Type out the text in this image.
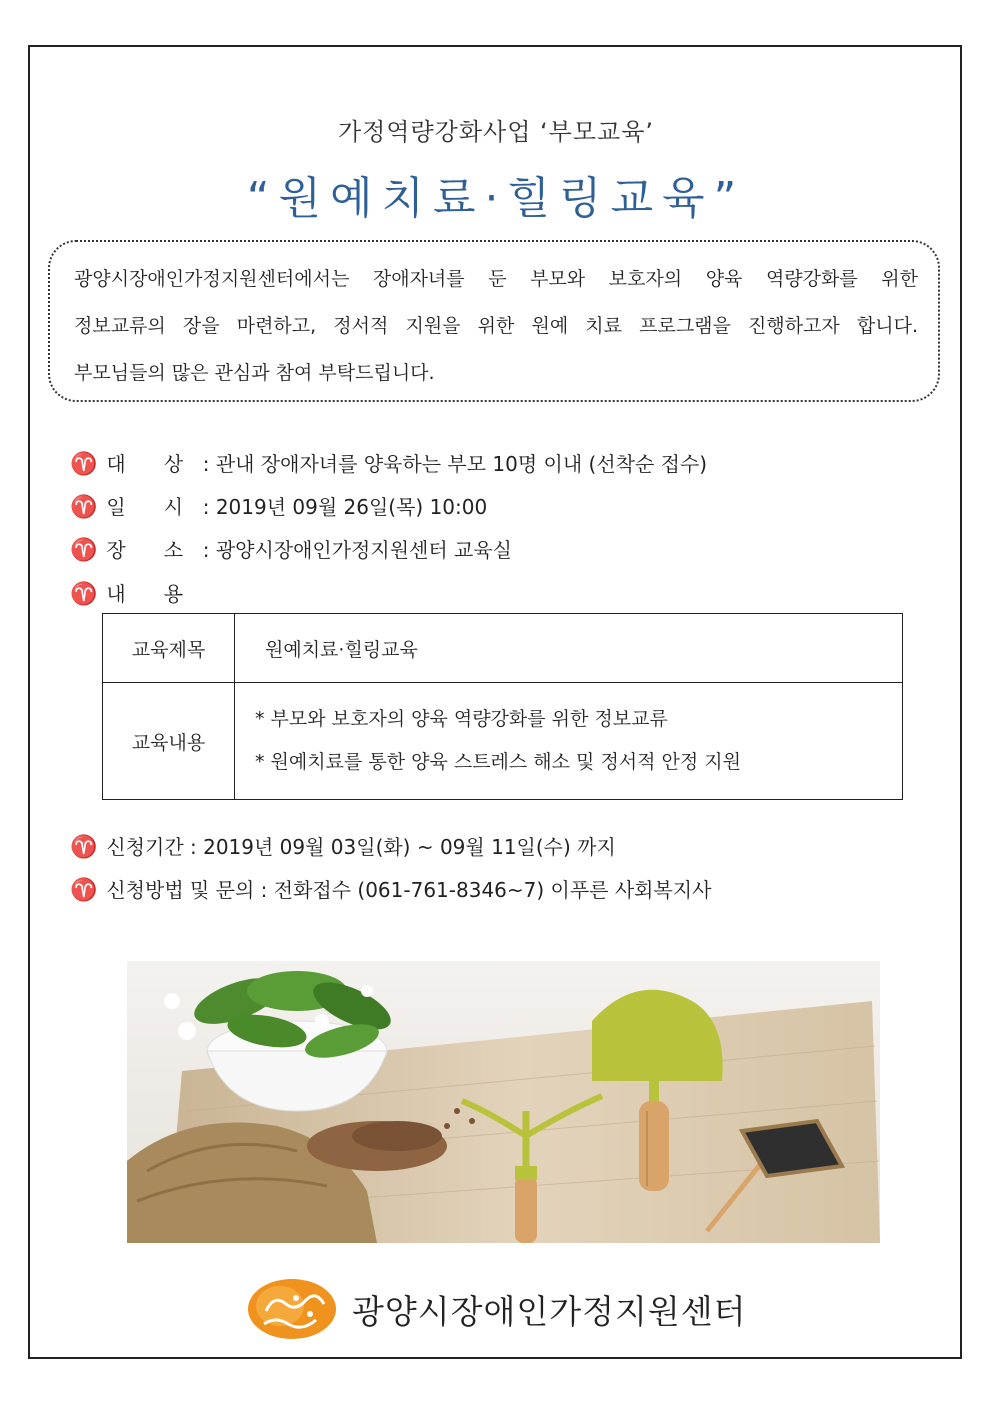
가정역량강화사업 ‘부모교육’
“원예치료·힐링교육”

광양시장애인가정지원센터에서는 장애자녀를 둔 부모와 보호자의 양육 역량강화를 위한

정보교류의 장을 마련하고, 정서적 지원을 위한 원예 치료 프로그램을 진행하고자 합니다.

부모님들의 많은 관심과 참여 부탁드립니다.

♈ 대 상 : 관내 장애자녀를 양육하는 부모 10명 이내 (선착순 접수)
♈ 일 시 : 2019년 09월 26일(목) 10:00
♈ 장 소 : 광양시장애인가정지원센터 교육실
♈ 내 용
교육제목	원예치료·힐링교육
교육내용	* 부모와 보호자의 양육 역량강화를 위한 정보교류
* 원예치료를 통한 양육 스트레스 해소 및 정서적 안정 지원
♈ 신청기간 : 2019년 09월 03일(화) ~ 09월 11일(수) 까지
♈ 신청방법 및 문의 : 전화접수 (061-761-8346~7) 이푸른 사회복지사
광양시장애인가정지원센터
